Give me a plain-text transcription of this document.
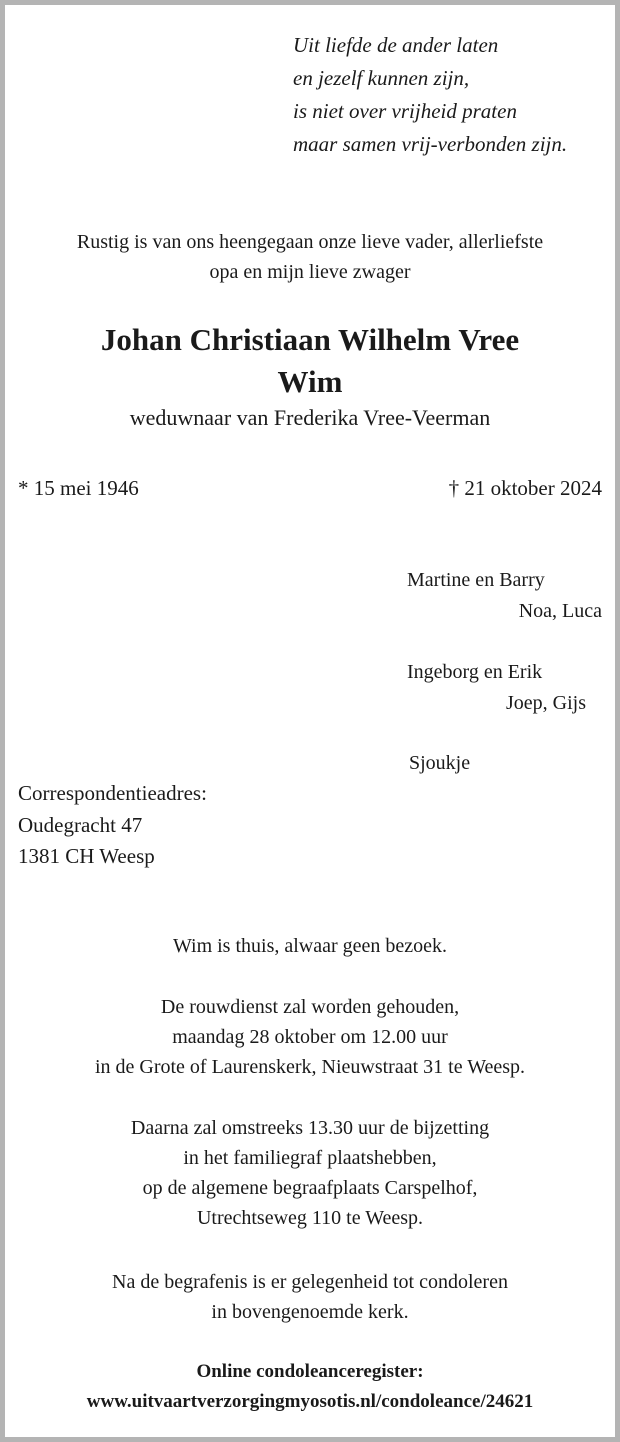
Uit liefde de ander laten
en jezelf kunnen zijn,
is niet over vrijheid praten
maar samen vrij-verbonden zijn.
Rustig is van ons heengegaan onze lieve vader, allerliefste
opa en mijn lieve zwager
Johan Christiaan Wilhelm Vree
Wim
weduwnaar van Frederika Vree-Veerman
* 15 mei 1946	† 21 oktober 2024
Martine en Barry
Noa, Luca
Ingeborg en Erik
Joep, Gijs
Sjoukje
Correspondentieadres:
Oudegracht 47
1381 CH Weesp
Wim is thuis, alwaar geen bezoek.
De rouwdienst zal worden gehouden,
maandag 28 oktober om 12.00 uur
in de Grote of Laurenskerk, Nieuwstraat 31 te Weesp.
Daarna zal omstreeks 13.30 uur de bijzetting
in het familiegraf plaatshebben,
op de algemene begraafplaats Carspelhof,
Utrechtseweg 110 te Weesp.
Na de begrafenis is er gelegenheid tot condoleren
in bovengenoemde kerk.
Online condoleanceregister:
www.uitvaartverzorgingmyosotis.nl/condoleance/24621
